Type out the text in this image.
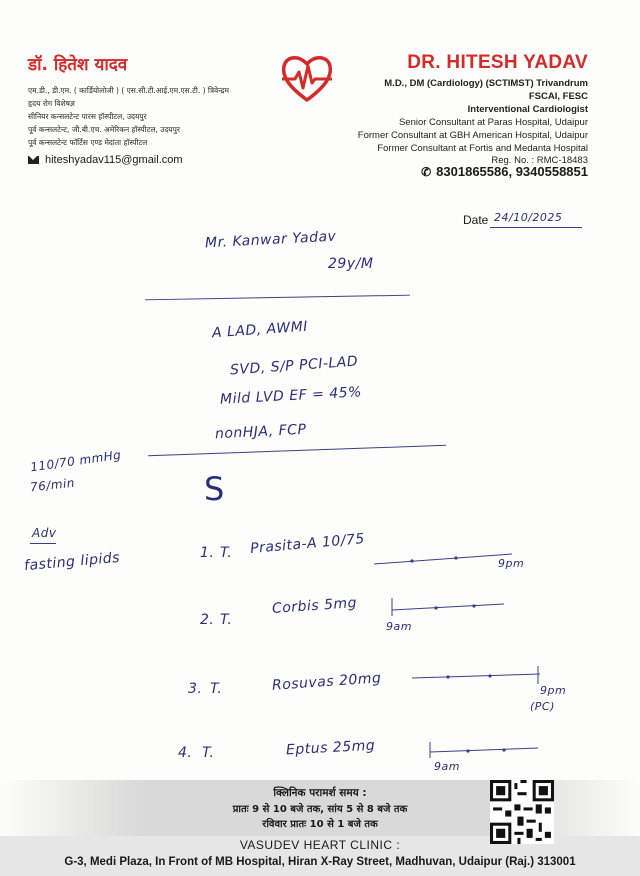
डॉ. हितेश यादव
एम.डी., डी.एम. ( कार्डियोलोजी ) ( एस.सी.टी.आई.एम.एस.टी. ) त्रिवेन्द्रम
हृदय रोग विशेषज्ञ
सीनियर कन्सलटेन्ट पारस हॉस्पीटल, उदयपुर
पूर्व कन्सलटेन्ट, जी.बी.एच. अमेरिकन हॉस्पीटल, उदयपुर
पूर्व कन्सलटेन्ट फॉर्टिस एण्ड मेदांता हॉस्पीटल
hiteshyadav115@gmail.com
DR. HITESH YADAV
M.D., DM (Cardiology) (SCTIMST) Trivandrum
FSCAI, FESC
Interventional Cardiologist
Senior Consultant at Paras Hospital, Udaipur
Former Consultant at GBH American Hospital, Udaipur
Former Consultant at Fortis and Medanta Hospital
Reg. No. : RMC-18483
✆ 8301865586, 9340558851
Date 24/10/2025
Mr. Kanwar Yadav
29y/M
A LAD, AWMI
SVD, S/P PCI-LAD
Mild LVD EF = 45%
nonHJA, FCP
110/70 mmHg
76/min	S
Adv
fasting lipids	1. T. Prasita-A 10/75
9pm
2. T.
Corbis 5mg
9am
3. T.	Rosuvas 20mg	9pm
(PC)
4. T.	Eptus 25mg
9am
क्लिनिक परामर्श समय :
प्रातः 9 से 10 बजे तक, सांय 5 से 8 बजे तक
रविवार प्रातः 10 से 1 बजे तक
VASUDEV HEART CLINIC :
G-3, Medi Plaza, In Front of MB Hospital, Hiran X-Ray Street, Madhuvan, Udaipur (Raj.) 313001
